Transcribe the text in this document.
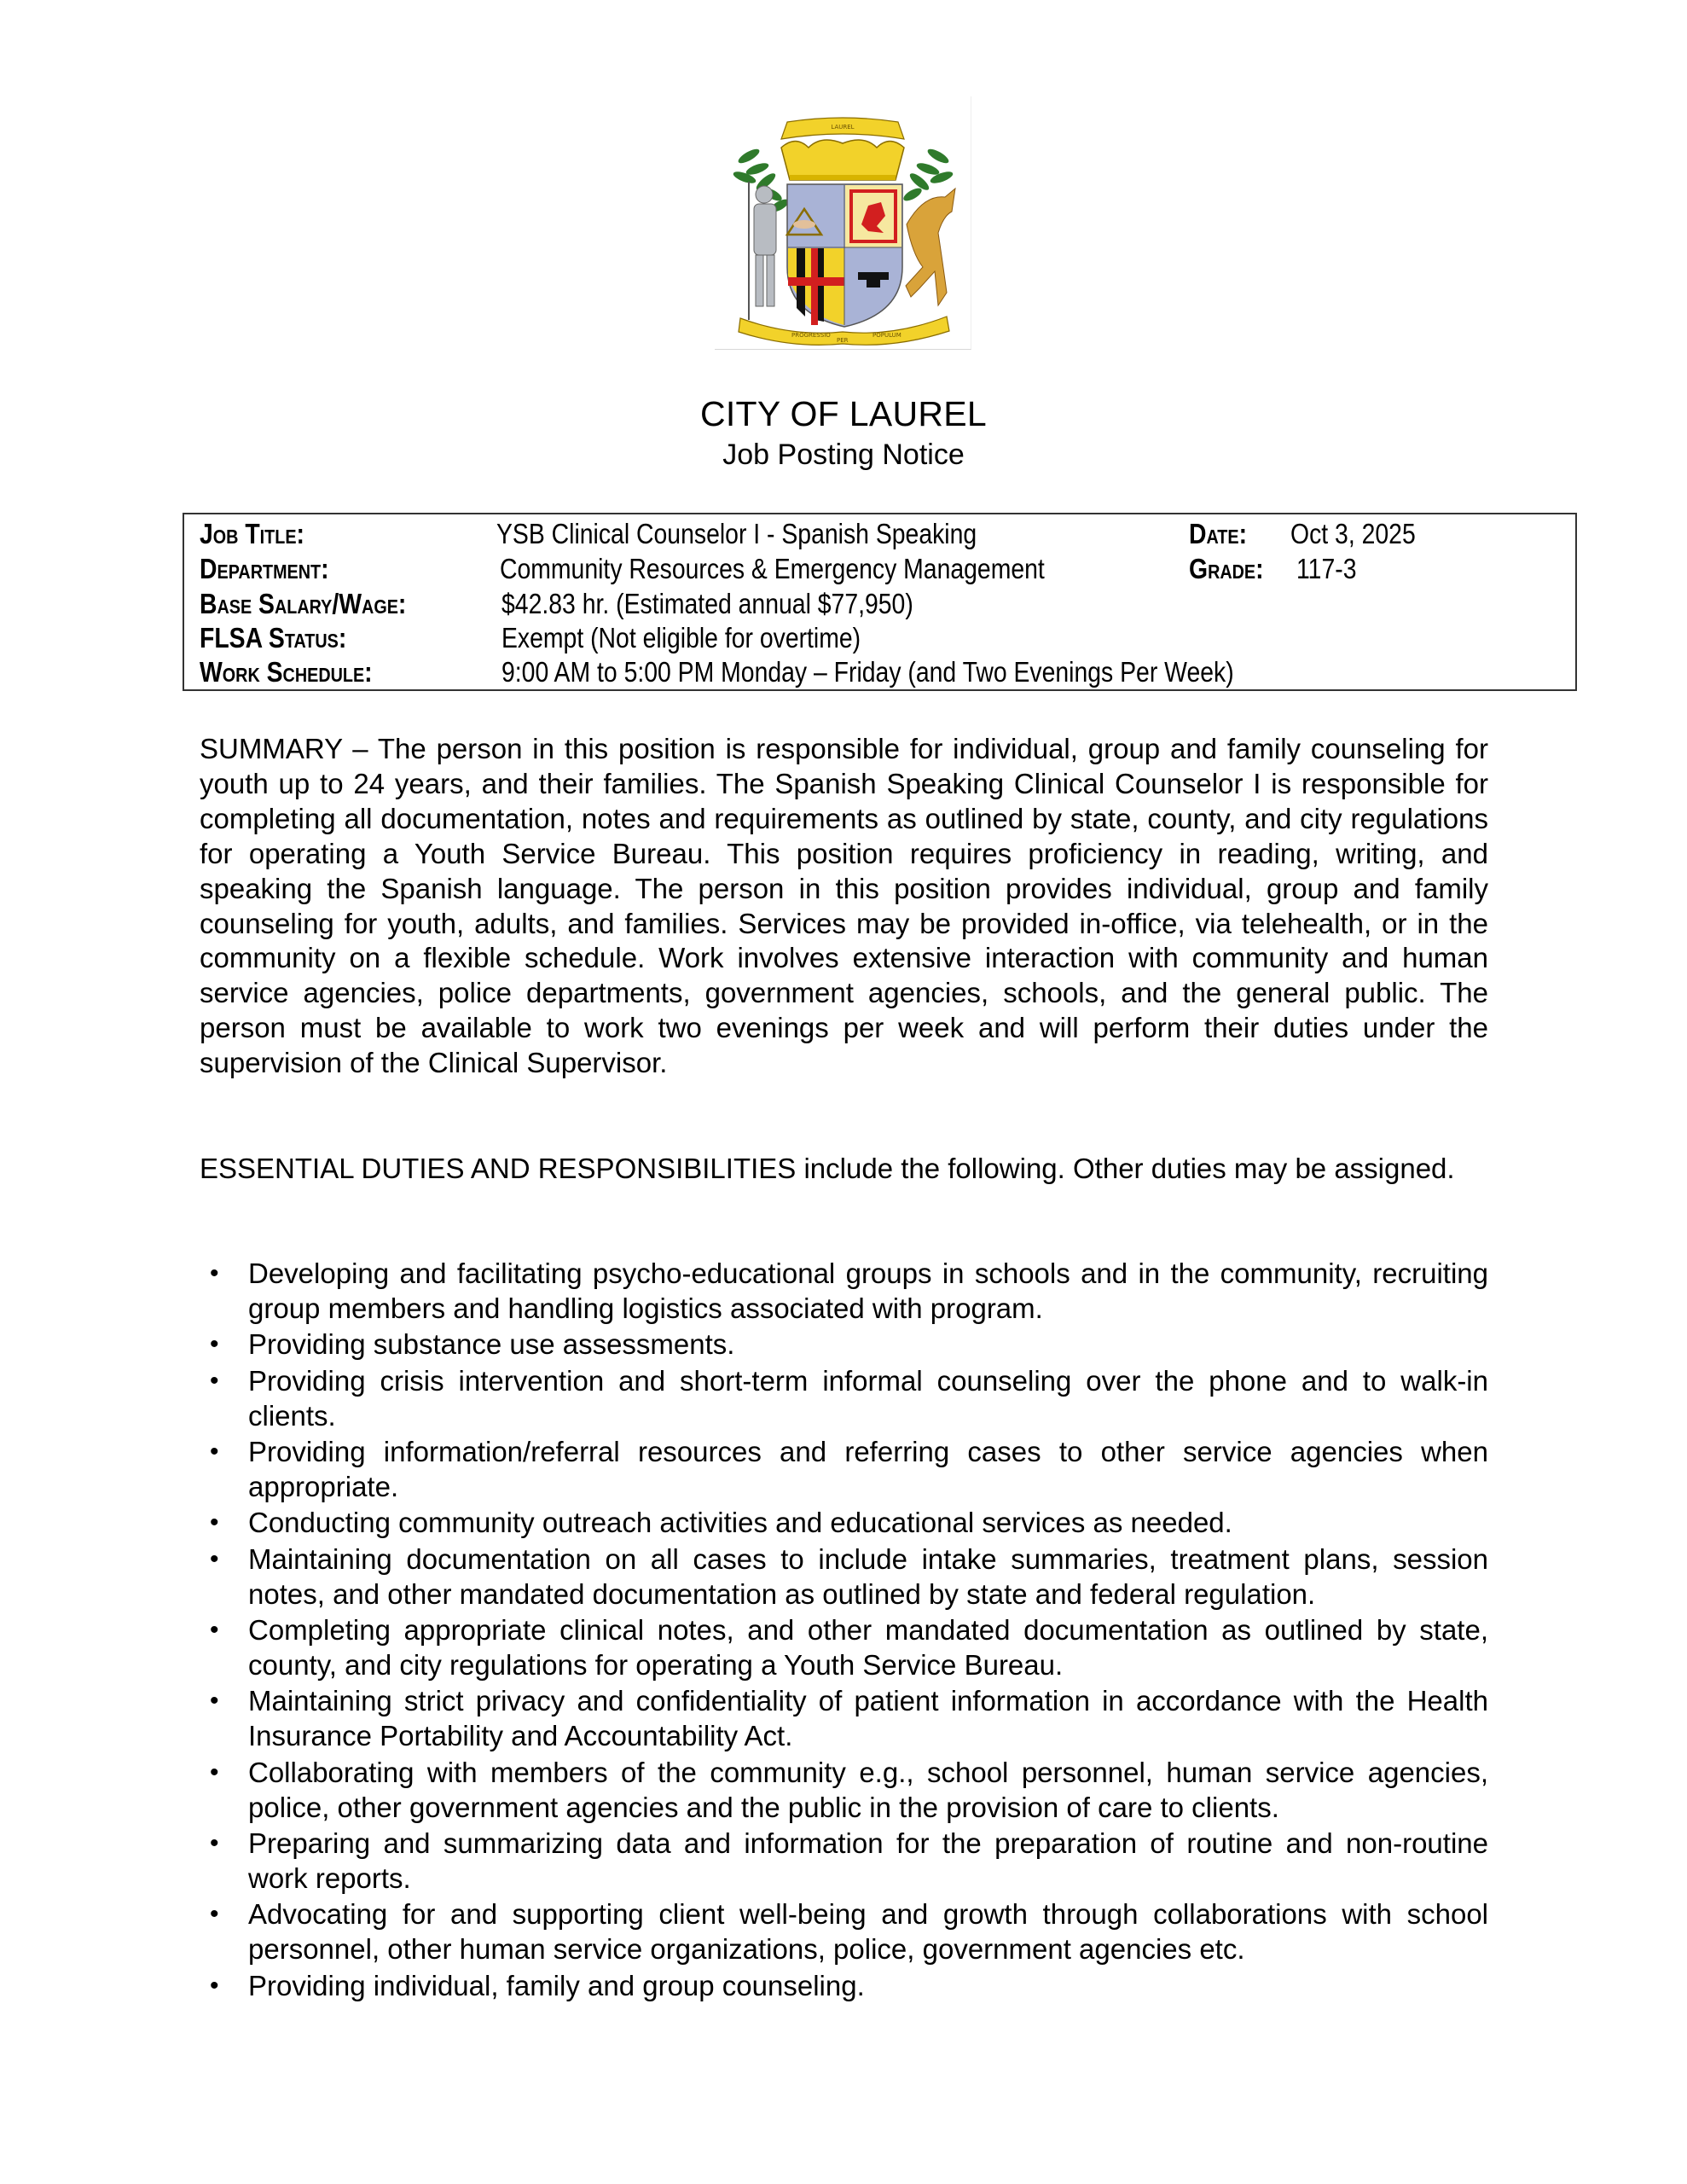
LAUREL
PROGRESSIO
PER
POPULUM
CITY OF LAUREL
Job Posting Notice
Job Title:	YSB Clinical Counselor I - Spanish Speaking	Date: Oct 3, 2025
Department:	Community Resources & Emergency Management	Grade: 117-3
Base Salary/Wage:	$42.83 hr. (Estimated annual $77,950)
FLSA Status:	Exempt (Not eligible for overtime)
Work Schedule:	9:00 AM to 5:00 PM Monday – Friday (and Two Evenings Per Week)
SUMMARY – The person in this position is responsible for individual, group and family counseling for youth up to 24 years, and their families. The Spanish Speaking Clinical Counselor I is responsible for completing all documentation, notes and requirements as outlined by state, county, and city regulations for operating a Youth Service Bureau. This position requires proficiency in reading, writing, and speaking the Spanish language. The person in this position provides individual, group and family counseling for youth, adults, and families. Services may be provided in-office, via telehealth, or in the community on a flexible schedule. Work involves extensive interaction with community and human service agencies, police departments, government agencies, schools, and the general public. The person must be available to work two evenings per week and will perform their duties under the supervision of the Clinical Supervisor.
ESSENTIAL DUTIES AND RESPONSIBILITIES include the following. Other duties may be assigned.
• Developing and facilitating psycho-educational groups in schools and in the community, recruiting group members and handling logistics associated with program.
• Providing substance use assessments.
• Providing crisis intervention and short-term informal counseling over the phone and to walk-in clients.
• Providing information/referral resources and referring cases to other service agencies when appropriate.
• Conducting community outreach activities and educational services as needed.
• Maintaining documentation on all cases to include intake summaries, treatment plans, session notes, and other mandated documentation as outlined by state and federal regulation.
• Completing appropriate clinical notes, and other mandated documentation as outlined by state, county, and city regulations for operating a Youth Service Bureau.
• Maintaining strict privacy and confidentiality of patient information in accordance with the Health Insurance Portability and Accountability Act.
• Collaborating with members of the community e.g., school personnel, human service agencies, police, other government agencies and the public in the provision of care to clients.
• Preparing and summarizing data and information for the preparation of routine and non-routine work reports.
• Advocating for and supporting client well-being and growth through collaborations with school personnel, other human service organizations, police, government agencies etc.
• Providing individual, family and group counseling.
